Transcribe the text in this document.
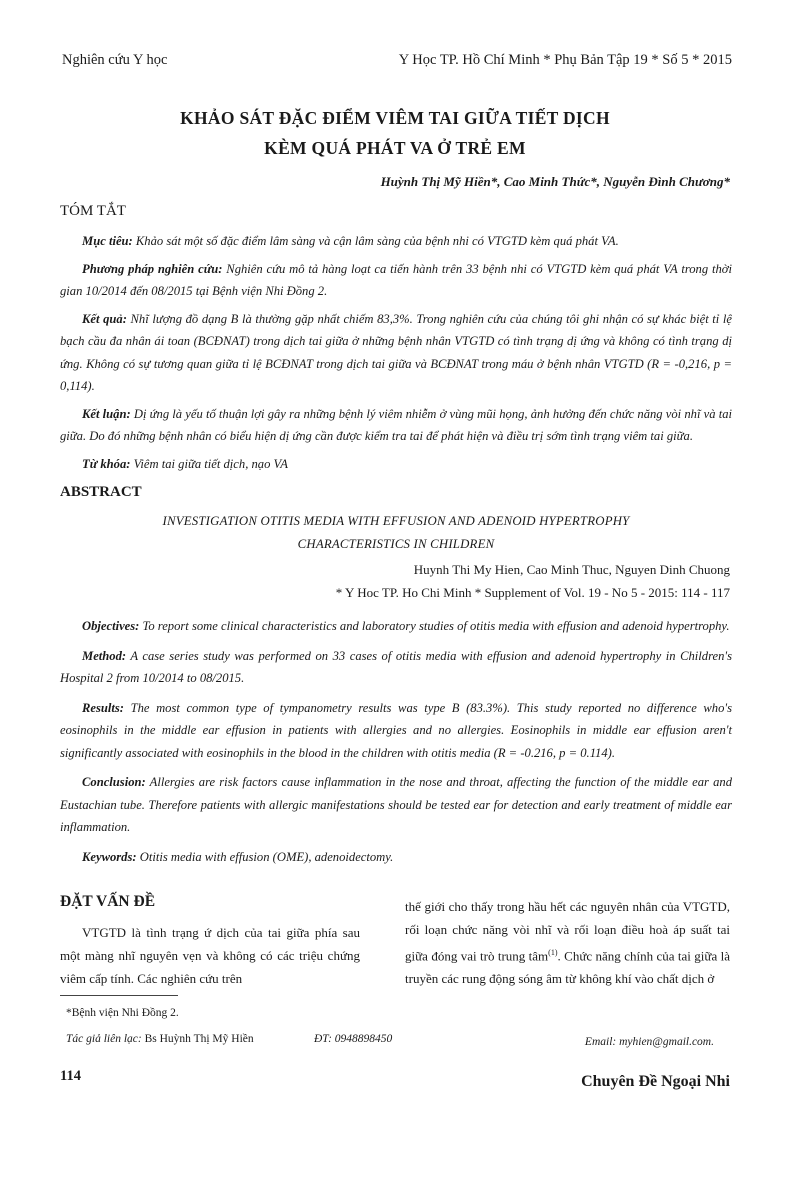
Nghiên cứu Y học	Y Học TP. Hồ Chí Minh * Phụ Bản Tập 19 * Số 5 * 2015
KHẢO SÁT ĐẶC ĐIỂM VIÊM TAI GIỮA TIẾT DỊCH
KÈM QUÁ PHÁT VA Ở TRẺ EM
Huỳnh Thị Mỹ Hiền*, Cao Minh Thức*, Nguyễn Đình Chương*
TÓM TẮT
Mục tiêu: Khảo sát một số đặc điểm lâm sàng và cận lâm sàng của bệnh nhi có VTGTD kèm quá phát VA.
Phương pháp nghiên cứu: Nghiên cứu mô tả hàng loạt ca tiến hành trên 33 bệnh nhi có VTGTD kèm quá phát VA trong thời gian 10/2014 đến 08/2015 tại Bệnh viện Nhi Đồng 2.
Kết quả: Nhĩ lượng đồ dạng B là thường gặp nhất chiếm 83,3%. Trong nghiên cứu của chúng tôi ghi nhận có sự khác biệt tỉ lệ bạch cầu đa nhân ái toan (BCĐNAT) trong dịch tai giữa ở những bệnh nhân VTGTD có tình trạng dị ứng và không có tình trạng dị ứng. Không có sự tương quan giữa tỉ lệ BCĐNAT trong dịch tai giữa và BCĐNAT trong máu ở bệnh nhân VTGTD (R = -0,216, p = 0,114).
Kết luận: Dị ứng là yếu tố thuận lợi gây ra những bệnh lý viêm nhiễm ở vùng mũi họng, ảnh hưởng đến chức năng vòi nhĩ và tai giữa. Do đó những bệnh nhân có biểu hiện dị ứng cần được kiểm tra tai để phát hiện và điều trị sớm tình trạng viêm tai giữa.
Từ khóa: Viêm tai giữa tiết dịch, nạo VA
ABSTRACT
INVESTIGATION OTITIS MEDIA WITH EFFUSION AND ADENOID HYPERTROPHY
CHARACTERISTICS IN CHILDREN
Huynh Thi My Hien, Cao Minh Thuc, Nguyen Dinh Chuong
* Y Hoc TP. Ho Chi Minh * Supplement of Vol. 19 - No 5 - 2015: 114 - 117
Objectives: To report some clinical characteristics and laboratory studies of otitis media with effusion and adenoid hypertrophy.
Method: A case series study was performed on 33 cases of otitis media with effusion and adenoid hypertrophy in Children's Hospital 2 from 10/2014 to 08/2015.
Results: The most common type of tympanometry results was type B (83.3%). This study reported no difference who's eosinophils in the middle ear effusion in patients with allergies and no allergies. Eosinophils in middle ear effusion aren't significantly associated with eosinophils in the blood in the children with otitis media (R = -0.216, p = 0.114).
Conclusion: Allergies are risk factors cause inflammation in the nose and throat, affecting the function of the middle ear and Eustachian tube. Therefore patients with allergic manifestations should be tested ear for detection and early treatment of middle ear inflammation.
Keywords: Otitis media with effusion (OME), adenoidectomy.
ĐẶT VẤN ĐỀ
VTGTD là tình trạng ứ dịch của tai giữa phía sau một màng nhĩ nguyên vẹn và không có các triệu chứng viêm cấp tính. Các nghiên cứu trên
thế giới cho thấy trong hầu hết các nguyên nhân của VTGTD, rối loạn chức năng vòi nhĩ và rối loạn điều hoà áp suất tai giữa đóng vai trò trung tâm$^{(1)}$. Chức năng chính của tai giữa là truyền các rung động sóng âm từ không khí vào chất dịch ở
*Bệnh viện Nhi Đồng 2.
Tác giả liên lạc: Bs Huỳnh Thị Mỹ Hiền	ĐT: 0948898450	Email: myhien@gmail.com.
114	Chuyên Đề Ngoại Nhi
